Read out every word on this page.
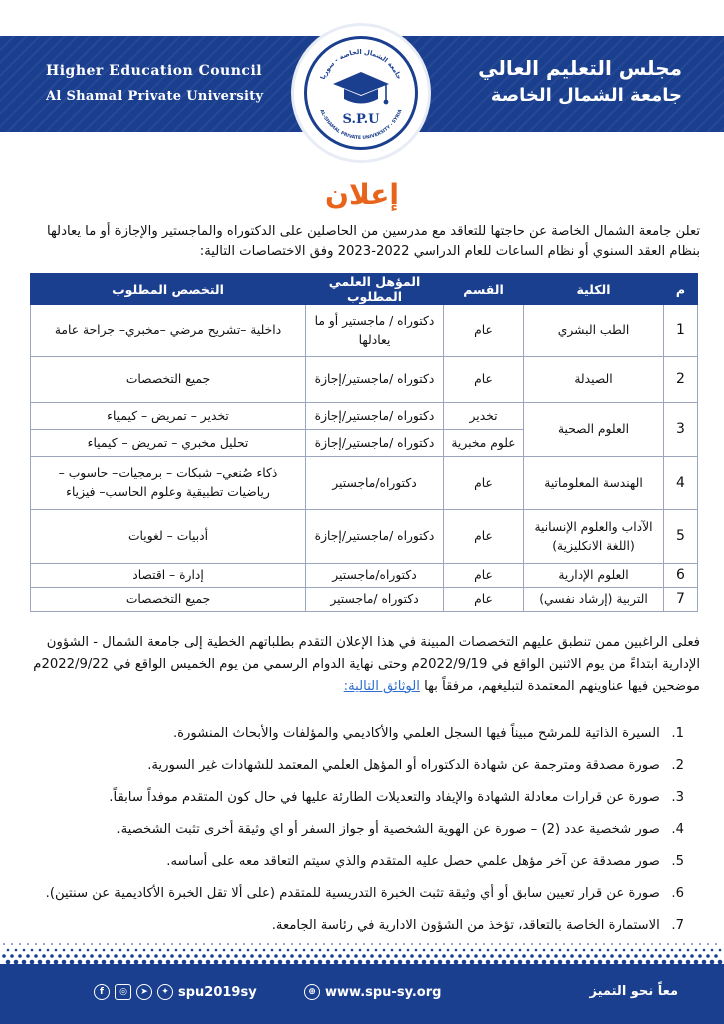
Higher Education Council
Al Shamal Private University
مجلس التعليم العالي
جامعة الشمال الخاصة
جامعة الشمال الخاصة - سوريا
AL-SHAMAL PRIVATE UNIVERSITY - SYRIA
S.P.U
إعلان
تعلن جامعة الشمال الخاصة عن حاجتها للتعاقد مع مدرسين من الحاصلين على الدكتوراه والماجستير والإجازة أو ما يعادلها بنظام العقد السنوي أو نظام الساعات للعام الدراسي 2022-2023 وفق الاختصاصات التالية:
م	الكلية	القسم	المؤهل العلمي المطلوب	التخصص المطلوب
1	الطب البشري	عام	دكتوراه / ماجستير أو ما يعادلها	داخلية –تشريح مرضي –مخبري– جراحة عامة
2	الصيدلة	عام	دكتوراه /ماجستير/إجازة	جميع التخصصات
3	العلوم الصحية	تخدير	دكتوراه /ماجستير/إجازة	تخدير – تمريض – كيمياء
		علوم مخبرية	دكتوراه /ماجستير/إجازة	تحليل مخبري – تمريض – كيمياء
4	الهندسة المعلوماتية	عام	دكتوراه/ماجستير	ذكاء صُنعي– شبكات – برمجيات– حاسوب – رياضيات تطبيقية وعلوم الحاسب– فيزياء
5	الآداب والعلوم الإنسانية (اللغة الانكليزية)	عام	دكتوراه /ماجستير/إجازة	أدبيات – لغويات
6	العلوم الإدارية	عام	دكتوراه/ماجستير	إدارة – اقتصاد
7	التربية (إرشاد نفسي)	عام	دكتوراه /ماجستير	جميع التخصصات
فعلى الراغبين ممن تنطبق عليهم التخصصات المبينة في هذا الإعلان التقدم بطلباتهم الخطية إلى جامعة الشمال - الشؤون الإدارية ابتداءً من يوم الاثنين الواقع في 2022/9/19م وحتى نهاية الدوام الرسمي من يوم الخميس الواقع في 2022/9/22م موضحين فيها عناوينهم المعتمدة لتبليغهم، مرفقاً بها الوثائق التالية:
1. السيرة الذاتية للمرشح مبيناً فيها السجل العلمي والأكاديمي والمؤلفات والأبحاث المنشورة.
2. صورة مصدقة ومترجمة عن شهادة الدكتوراه أو المؤهل العلمي المعتمد للشهادات غير السورية.
3. صورة عن قرارات معادلة الشهادة والإيفاد والتعديلات الطارئة عليها في حال كون المتقدم موفداً سابقاً.
4. صور شخصية عدد (2) – صورة عن الهوية الشخصية أو جواز السفر أو اي وثيقة أخرى تثبت الشخصية.
5. صور مصدقة عن آخر مؤهل علمي حصل عليه المتقدم والذي سيتم التعاقد معه على أساسه.
6. صورة عن قرار تعيين سابق أو أي وثيقة تثبت الخبرة التدريسية للمتقدم (على ألا تقل الخبرة الأكاديمية عن سنتين).
7. الاستمارة الخاصة بالتعاقد، تؤخذ من الشؤون الادارية في رئاسة الجامعة.
f	◎	➤	✦ spu2019sy	⊕ www.spu-sy.org	معاً نحو التميز
